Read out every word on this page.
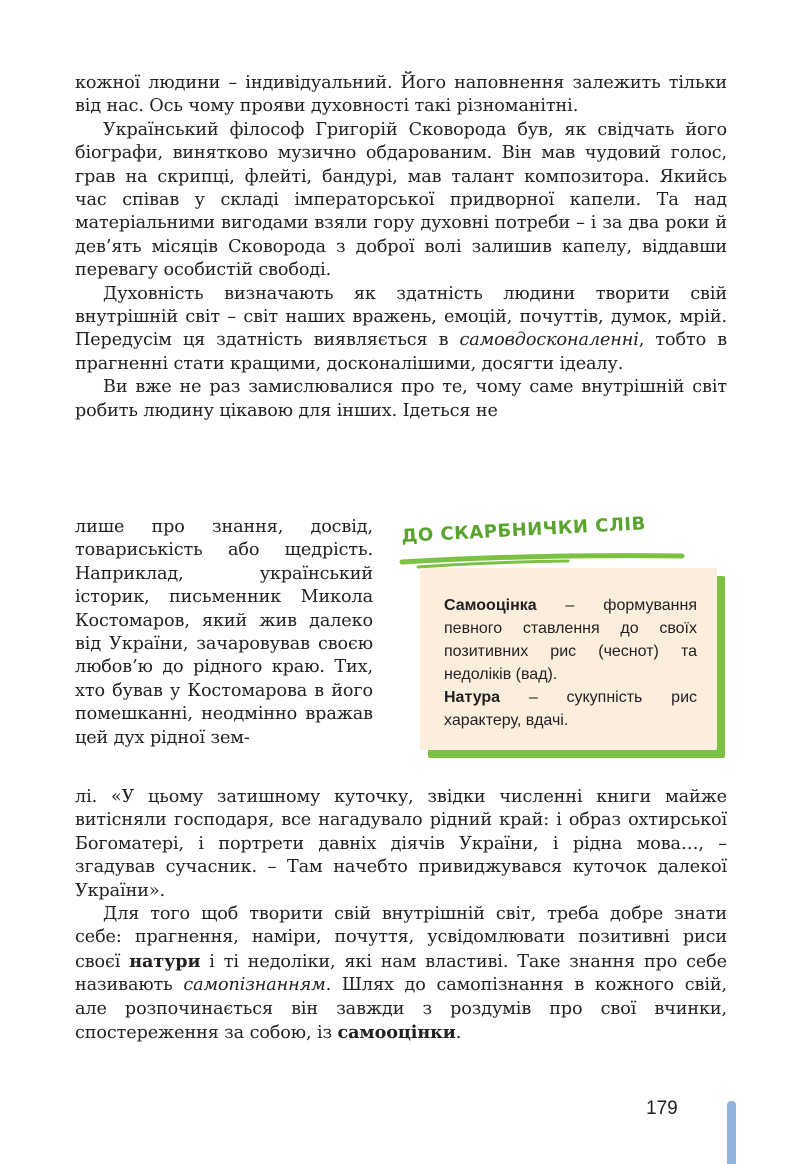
кожної людини – індивідуальний. Його наповнення залежить тільки від нас. Ось чому прояви духовності такі різноманітні.

Український філософ Григорій Сковорода був, як свідчать його біографи, винятково музично обдарованим. Він мав чудовий голос, грав на скрипці, флейті, бандурі, мав талант композитора. Якийсь час співав у складі імператорської придворної капели. Та над матеріальними вигодами взяли гору духовні потреби – і за два роки й дев’ять місяців Сковорода з доброї волі залишив капелу, віддавши перевагу особистій свободі.

Духовність визначають як здатність людини творити свій внутрішній світ – світ наших вражень, емоцій, почуттів, думок, мрій. Передусім ця здатність виявляється в самовдосконаленні, тобто в прагненні стати кращими, досконалішими, досягти ідеалу.

Ви вже не раз замислювалися про те, чому саме внутрішній світ робить людину цікавою для інших. Ідеться не

лише про знання, досвід,

товариськість або щедрість.

Наприклад, український історик, письменник Микола Костомаров, який жив далеко від України, зачаровував своєю любов’ю до рідного краю. Тих, хто бував у Костомарова в його помешканні, неодмінно вражав цей дух рідної зем-

лі. «У цьому затишному куточку, звідки численні книги майже витісняли господаря, все нагадувало рідний край: і образ охтирської Богоматері, і портрети давніх діячів України, і рідна мова…, – згадував сучасник. – Там начебто привиджувався куточок далекої України».

Для того щоб творити свій внутрішній світ, треба добре знати себе: прагнення, наміри, почуття, усвідомлювати позитивні риси своєї натури і ті недоліки, які нам властиві. Таке знання про себе називають самопізнанням. Шлях до самопізнання в кожного свій, але розпочинається він завжди з роздумів про свої вчинки, спостереження за собою, із самооцінки.

ДО СКАРБНИЧКИ СЛІВ

Самооцінка – формування певного ставлення до своїх позитивних рис (чеснот) та недоліків (вад).

Натура – сукупність рис характеру, вдачі.

179
